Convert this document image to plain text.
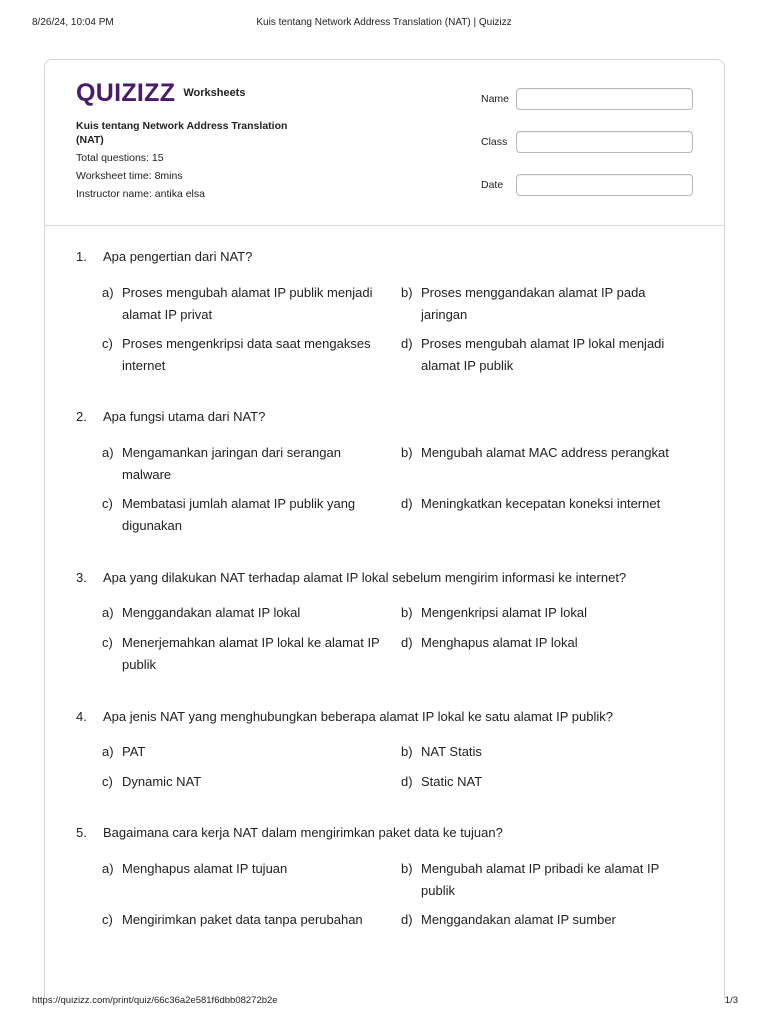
8/26/24, 10:04 PM	Kuis tentang Network Address Translation (NAT) | Quizizz
QUIZIZZ Worksheets
Kuis tentang Network Address Translation (NAT)
Total questions: 15
Worksheet time: 8mins
Instructor name: antika elsa
Name
Class
Date
1. Apa pengertian dari NAT?
a) Proses mengubah alamat IP publik menjadi alamat IP privat
b) Proses menggandakan alamat IP pada jaringan
c) Proses mengenkripsi data saat mengakses internet
d) Proses mengubah alamat IP lokal menjadi alamat IP publik
2. Apa fungsi utama dari NAT?
a) Mengamankan jaringan dari serangan malware
b) Mengubah alamat MAC address perangkat
c) Membatasi jumlah alamat IP publik yang digunakan
d) Meningkatkan kecepatan koneksi internet
3. Apa yang dilakukan NAT terhadap alamat IP lokal sebelum mengirim informasi ke internet?
a) Menggandakan alamat IP lokal	b) Mengenkripsi alamat IP lokal
c) Menerjemahkan alamat IP lokal ke alamat IP publik
d) Menghapus alamat IP lokal
4. Apa jenis NAT yang menghubungkan beberapa alamat IP lokal ke satu alamat IP publik?
a) PAT	b) NAT Statis
c) Dynamic NAT	d) Static NAT
5. Bagaimana cara kerja NAT dalam mengirimkan paket data ke tujuan?
a) Menghapus alamat IP tujuan	b) Mengubah alamat IP pribadi ke alamat IP publik
c) Mengirimkan paket data tanpa perubahan	d) Menggandakan alamat IP sumber
https://quizizz.com/print/quiz/66c36a2e581f6dbb08272b2e	1/3
